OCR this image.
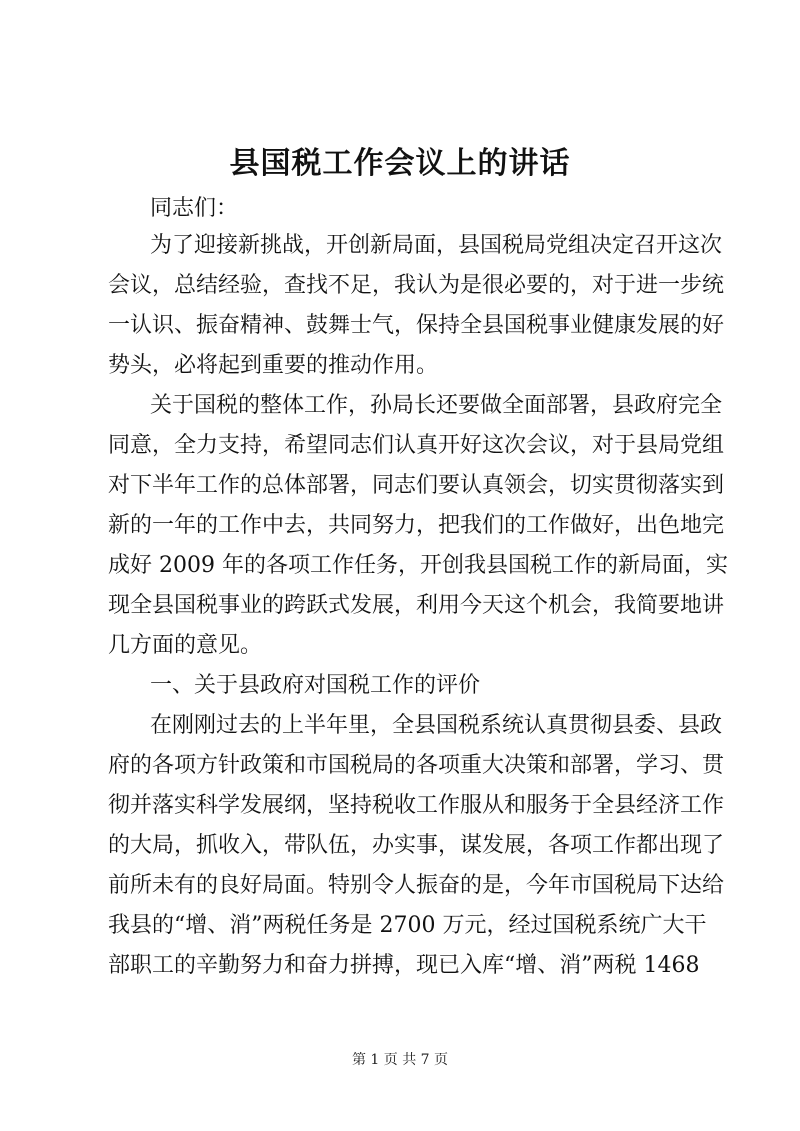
县国税工作会议上的讲话
同志们：
为了迎接新挑战，开创新局面，县国税局党组决定召开这次
会议，总结经验，查找不足，我认为是很必要的，对于进一步统
一认识、振奋精神、鼓舞士气，保持全县国税事业健康发展的好
势头，必将起到重要的推动作用。
关于国税的整体工作，孙局长还要做全面部署，县政府完全
同意，全力支持，希望同志们认真开好这次会议，对于县局党组
对下半年工作的总体部署，同志们要认真领会，切实贯彻落实到
新的一年的工作中去，共同努力，把我们的工作做好，出色地完
成好 2009 年的各项工作任务，开创我县国税工作的新局面，实
现全县国税事业的跨跃式发展，利用今天这个机会，我简要地讲
几方面的意见。
一、关于县政府对国税工作的评价
在刚刚过去的上半年里，全县国税系统认真贯彻县委、县政
府的各项方针政策和市国税局的各项重大决策和部署，学习、贯
彻并落实科学发展纲，坚持税收工作服从和服务于全县经济工作
的大局，抓收入，带队伍，办实事，谋发展，各项工作都出现了
前所未有的良好局面。特别令人振奋的是，今年市国税局下达给
我县的“增、消”两税任务是 2700 万元，经过国税系统广大干
部职工的辛勤努力和奋力拼搏，现已入库“增、消”两税 1468
第 1 页 共 7 页
